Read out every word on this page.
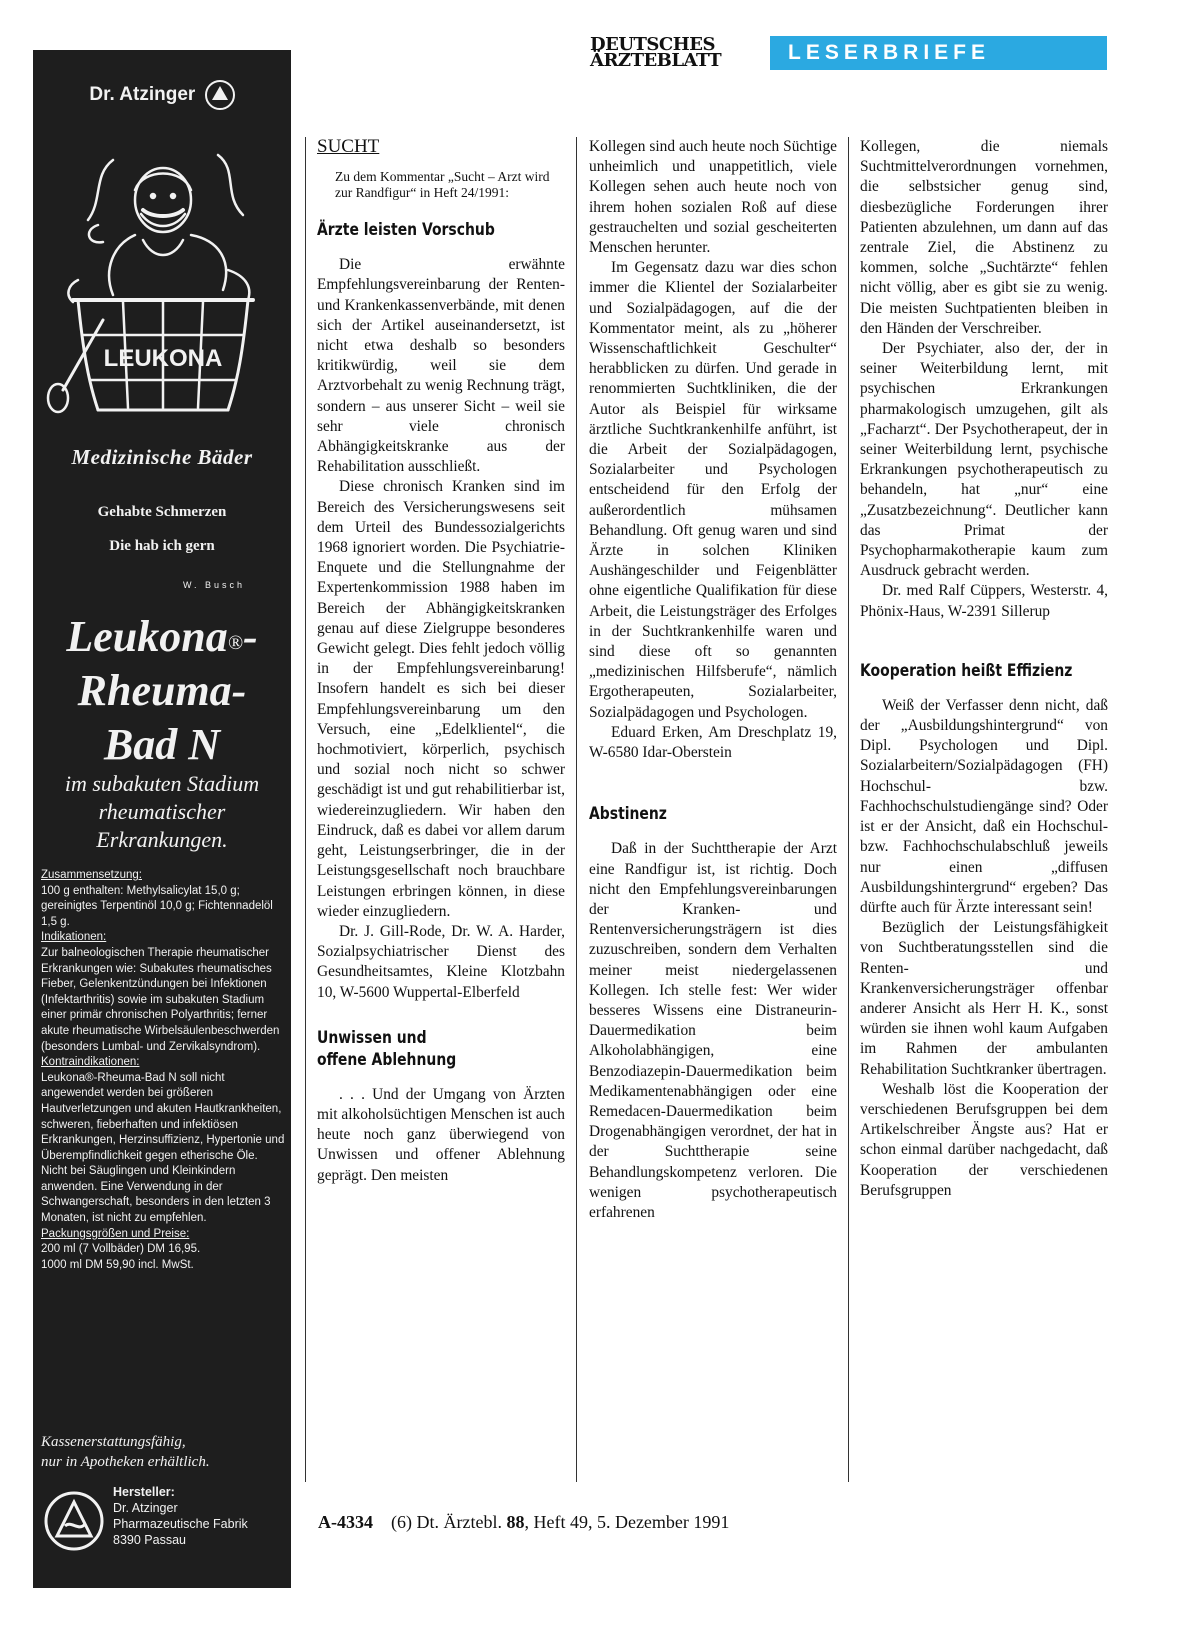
Dr. Atzinger
LEUKONA
Medizinische Bäder
Gehabte Schmerzen
Die hab ich gern
W. Busch
Leukona®-
Rheuma-
Bad N
im subakuten Stadium
rheumatischer
Erkrankungen.
Zusammensetzung:
100 g enthalten: Methylsalicylat 15,0 g; gereinigtes Terpentinöl 10,0 g; Fichtennadelöl 1,5 g.
Indikationen:
Zur balneologischen Therapie rheumatischer Erkrankungen wie: Subakutes rheumatisches Fieber, Gelenkentzündungen bei Infektionen (Infektarthritis) sowie im subakuten Stadium einer primär chronischen Polyarthritis; ferner akute rheumatische Wirbelsäulenbeschwerden (besonders Lumbal- und Zervikalsyndrom).
Kontraindikationen:
Leukona®-Rheuma-Bad N soll nicht angewendet werden bei größeren Hautverletzungen und akuten Hautkrankheiten, schweren, fieberhaften und infektiösen Erkrankungen, Herzinsuffizienz, Hypertonie und Überempfindlichkeit gegen etherische Öle. Nicht bei Säuglingen und Kleinkindern anwenden. Eine Verwendung in der Schwangerschaft, besonders in den letzten 3 Monaten, ist nicht zu empfehlen.
Packungsgrößen und Preise:
200 ml (7 Vollbäder) DM 16,95.
1000 ml DM 59,90 incl. MwSt.
Kassenerstattungsfähig,
nur in Apotheken erhältlich.
Hersteller:
Dr. Atzinger
Pharmazeutische Fabrik
8390 Passau
DEUTSCHES
ÄRZTEBLATT	LESERBRIEFE
SUCHT
Zu dem Kommentar „Sucht – Arzt wird zur Randfigur“ in Heft 24/1991:
Ärzte leisten Vorschub

Die erwähnte Empfehlungsvereinbarung der Renten- und Krankenkassenverbände, mit denen sich der Artikel auseinandersetzt, ist nicht etwa deshalb so besonders kritikwürdig, weil sie dem Arztvorbehalt zu wenig Rechnung trägt, sondern – aus unserer Sicht – weil sie sehr viele chronisch Abhängigkeitskranke aus der Rehabilitation ausschließt.

Diese chronisch Kranken sind im Bereich des Versicherungswesens seit dem Urteil des Bundessozialgerichts 1968 ignoriert worden. Die Psychiatrie-Enquete und die Stellungnahme der Expertenkommission 1988 haben im Bereich der Abhängigkeitskranken genau auf diese Zielgruppe besonderes Gewicht gelegt. Dies fehlt jedoch völlig in der Empfehlungsvereinbarung! Insofern handelt es sich bei dieser Empfehlungsvereinbarung um den Versuch, eine „Edelklientel“, die hochmotiviert, körperlich, psychisch und sozial noch nicht so schwer geschädigt ist und gut rehabilitierbar ist, wiedereinzugliedern. Wir haben den Eindruck, daß es dabei vor allem darum geht, Leistungserbringer, die in der Leistungsgesellschaft noch brauchbare Leistungen erbringen können, in diese wieder einzugliedern.

Dr. J. Gill-Rode, Dr. W. A. Harder, Sozialpsychiatrischer Dienst des Gesundheitsamtes, Kleine Klotzbahn 10, W-5600 Wuppertal-Elberfeld

Unwissen und
offene Ablehnung

. . . Und der Umgang von Ärzten mit alkoholsüchtigen Menschen ist auch heute noch ganz überwiegend von Unwissen und offener Ablehnung geprägt. Den meisten

Kollegen sind auch heute noch Süchtige unheimlich und unappetitlich, viele Kollegen sehen auch heute noch von ihrem hohen sozialen Roß auf diese gestrauchelten und sozial gescheiterten Menschen herunter.

Im Gegensatz dazu war dies schon immer die Klientel der Sozialarbeiter und Sozialpädagogen, auf die der Kommentator meint, als zu „höherer Wissenschaftlichkeit Geschulter“ herabblicken zu dürfen. Und gerade in renommierten Suchtkliniken, die der Autor als Beispiel für wirksame ärztliche Suchtkrankenhilfe anführt, ist die Arbeit der Sozialpädagogen, Sozialarbeiter und Psychologen entscheidend für den Erfolg der außerordentlich mühsamen Behandlung. Oft genug waren und sind Ärzte in solchen Kliniken Aushängeschilder und Feigenblätter ohne eigentliche Qualifikation für diese Arbeit, die Leistungsträger des Erfolges in der Suchtkrankenhilfe waren und sind diese oft so genannten „medizinischen Hilfsberufe“, nämlich Ergotherapeuten, Sozialarbeiter, Sozialpädagogen und Psychologen.

Eduard Erken, Am Dreschplatz 19, W-6580 Idar-Oberstein

Abstinenz

Daß in der Suchttherapie der Arzt eine Randfigur ist, ist richtig. Doch nicht den Empfehlungsvereinbarungen der Kranken- und Rentenversicherungsträgern ist dies zuzuschreiben, sondern dem Verhalten meiner meist niedergelassenen Kollegen. Ich stelle fest: Wer wider besseres Wissens eine Distraneurin-Dauermedikation beim Alkoholabhängigen, eine Benzodiazepin-Dauermedikation beim Medikamentenabhängigen oder eine Remedacen-Dauermedikation beim Drogenabhängigen verordnet, der hat in der Suchttherapie seine Behandlungskompetenz verloren. Die wenigen psychotherapeutisch erfahrenen

Kollegen, die niemals Suchtmittelverordnungen vornehmen, die selbstsicher genug sind, diesbezügliche Forderungen ihrer Patienten abzulehnen, um dann auf das zentrale Ziel, die Abstinenz zu kommen, solche „Suchtärzte“ fehlen nicht völlig, aber es gibt sie zu wenig. Die meisten Suchtpatienten bleiben in den Händen der Verschreiber.

Der Psychiater, also der, der in seiner Weiterbildung lernt, mit psychischen Erkrankungen pharmakologisch umzugehen, gilt als „Facharzt“. Der Psychotherapeut, der in seiner Weiterbildung lernt, psychische Erkrankungen psychotherapeutisch zu behandeln, hat „nur“ eine „Zusatzbezeichnung“. Deutlicher kann das Primat der Psychopharmakotherapie kaum zum Ausdruck gebracht werden.

Dr. med Ralf Cüppers, Westerstr. 4, Phönix-Haus, W-2391 Sillerup

Kooperation heißt Effizienz

Weiß der Verfasser denn nicht, daß der „Ausbildungshintergrund“ von Dipl. Psychologen und Dipl. Sozialarbeitern/Sozialpädagogen (FH) Hochschul- bzw. Fachhochschulstudiengänge sind? Oder ist er der Ansicht, daß ein Hochschul- bzw. Fachhochschulabschluß jeweils nur einen „diffusen Ausbildungshintergrund“ ergeben? Das dürfte auch für Ärzte interessant sein!

Bezüglich der Leistungsfähigkeit von Suchtberatungsstellen sind die Renten- und Krankenversicherungsträger offenbar anderer Ansicht als Herr H. K., sonst würden sie ihnen wohl kaum Aufgaben im Rahmen der ambulanten Rehabilitation Suchtkranker übertragen.

Weshalb löst die Kooperation der verschiedenen Berufsgruppen bei dem Artikelschreiber Ängste aus? Hat er schon einmal darüber nachgedacht, daß Kooperation der verschiedenen Berufsgruppen

A-4334 (6) Dt. Ärztebl. 88, Heft 49, 5. Dezember 1991
